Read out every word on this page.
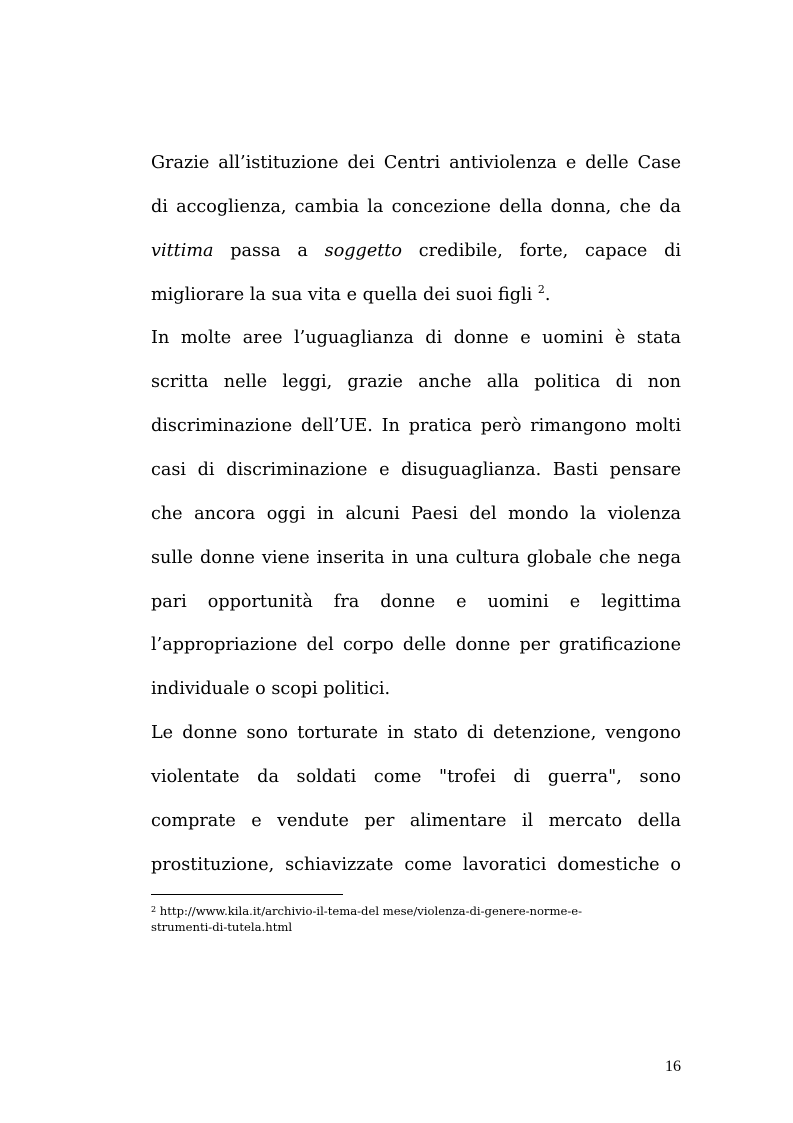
Grazie all’istituzione dei Centri antiviolenza e delle Case
di accoglienza, cambia la concezione della donna, che da
vittima passa a soggetto credibile, forte, capace di
migliorare la sua vita e quella dei suoi figli $^2$.
In molte aree l’uguaglianza di donne e uomini è stata
scritta nelle leggi, grazie anche alla politica di non
discriminazione dell’UE. In pratica però rimangono molti
casi di discriminazione e disuguaglianza. Basti pensare
che ancora oggi in alcuni Paesi del mondo la violenza
sulle donne viene inserita in una cultura globale che nega
pari opportunità fra donne e uomini e legittima
l’appropriazione del corpo delle donne per gratificazione
individuale o scopi politici.
Le donne sono torturate in stato di detenzione, vengono
violentate da soldati come "trofei di guerra", sono
comprate e vendute per alimentare il mercato della
prostituzione, schiavizzate come lavoratici domestiche o
$^2$ http://www.kila.it/archivio-il-tema-del mese/violenza-di-genere-norme-e-
strumenti-di-tutela.html
16
